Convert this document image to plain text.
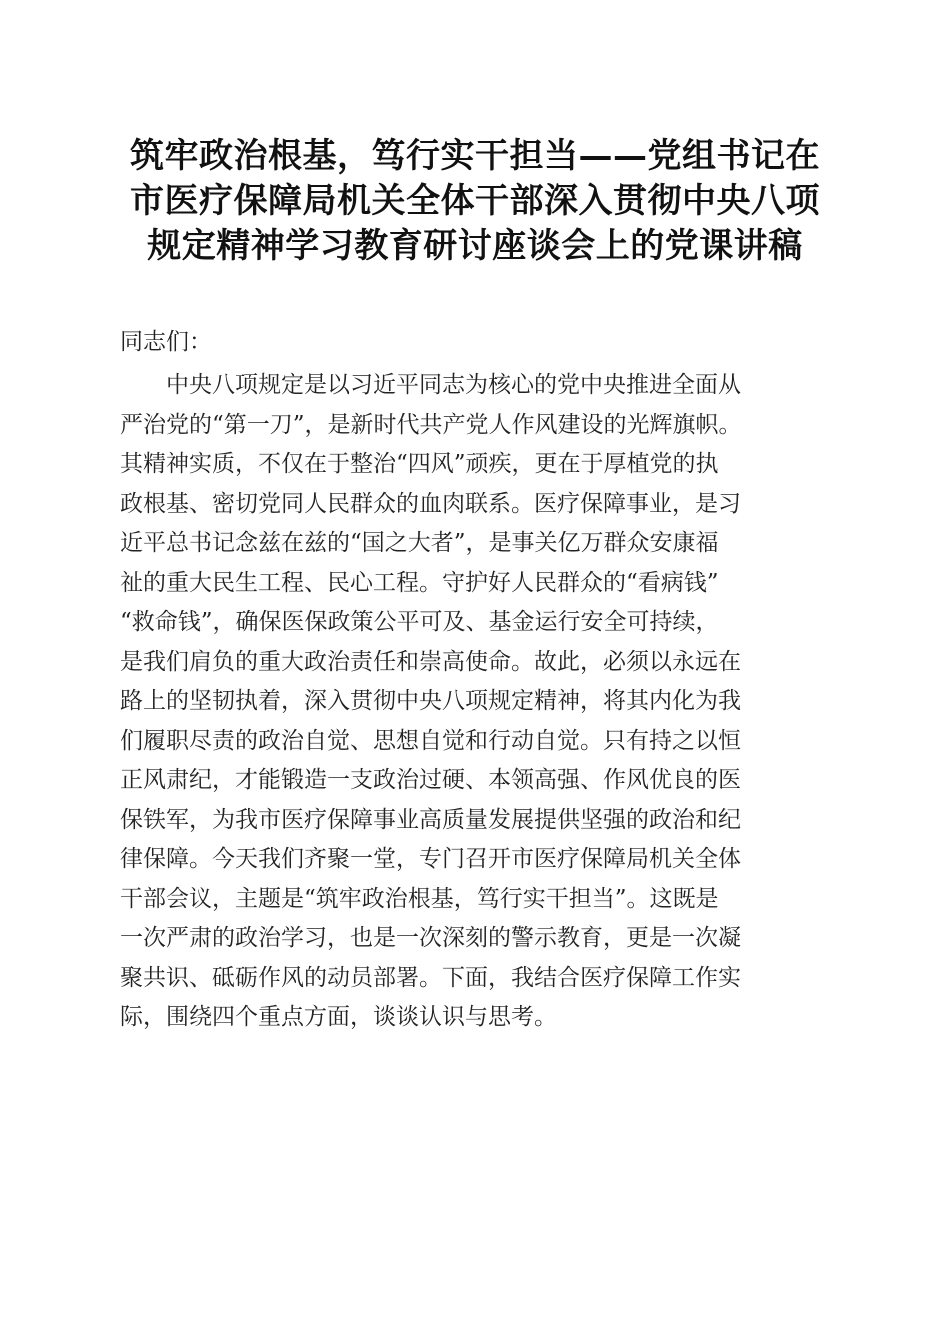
筑牢政治根基，笃行实干担当——党组书记在
市医疗保障局机关全体干部深入贯彻中央八项
规定精神学习教育研讨座谈会上的党课讲稿

同志们：

中央八项规定是以习近平同志为核心的党中央推进全面从
严治党的“第一刀”，是新时代共产党人作风建设的光辉旗帜。
其精神实质，不仅在于整治“四风”顽疾，更在于厚植党的执
政根基、密切党同人民群众的血肉联系。医疗保障事业，是习
近平总书记念兹在兹的“国之大者”，是事关亿万群众安康福
祉的重大民生工程、民心工程。守护好人民群众的“看病钱”
“救命钱”，确保医保政策公平可及、基金运行安全可持续，
是我们肩负的重大政治责任和崇高使命。故此，必须以永远在
路上的坚韧执着，深入贯彻中央八项规定精神，将其内化为我
们履职尽责的政治自觉、思想自觉和行动自觉。只有持之以恒
正风肃纪，才能锻造一支政治过硬、本领高强、作风优良的医
保铁军，为我市医疗保障事业高质量发展提供坚强的政治和纪
律保障。今天我们齐聚一堂，专门召开市医疗保障局机关全体
干部会议，主题是“筑牢政治根基，笃行实干担当”。这既是
一次严肃的政治学习，也是一次深刻的警示教育，更是一次凝
聚共识、砥砺作风的动员部署。下面，我结合医疗保障工作实
际，围绕四个重点方面，谈谈认识与思考。
